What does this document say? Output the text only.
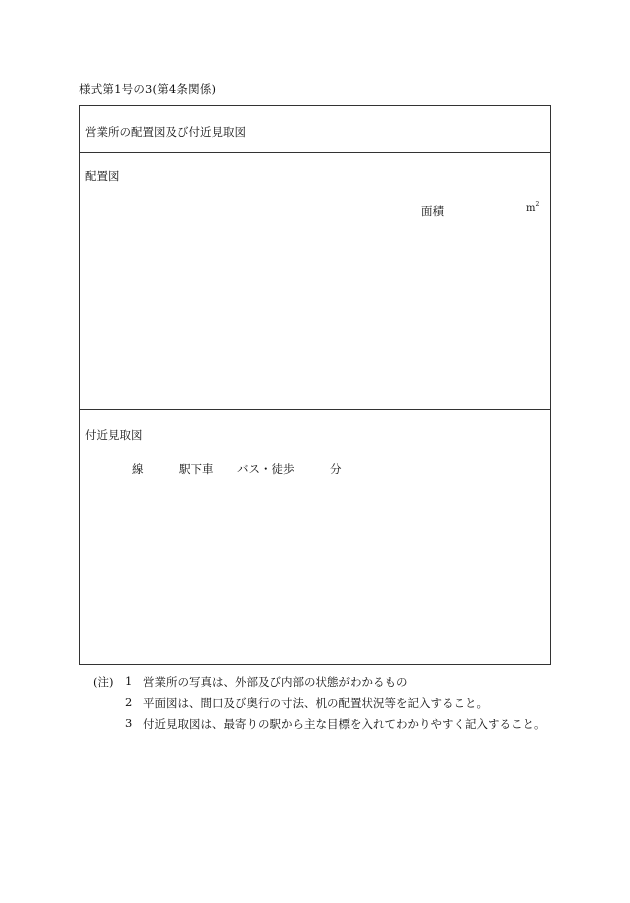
様式第1号の3(第4条関係)
営業所の配置図及び付近見取図
配置図
面積	$m^2$
付近見取図
線	駅下車 バス・徒歩	分
(注) 1 営業所の写真は、外部及び内部の状態がわかるもの
2 平面図は、間口及び奥行の寸法、机の配置状況等を記入すること。
3 付近見取図は、最寄りの駅から主な目標を入れてわかりやすく記入すること。
